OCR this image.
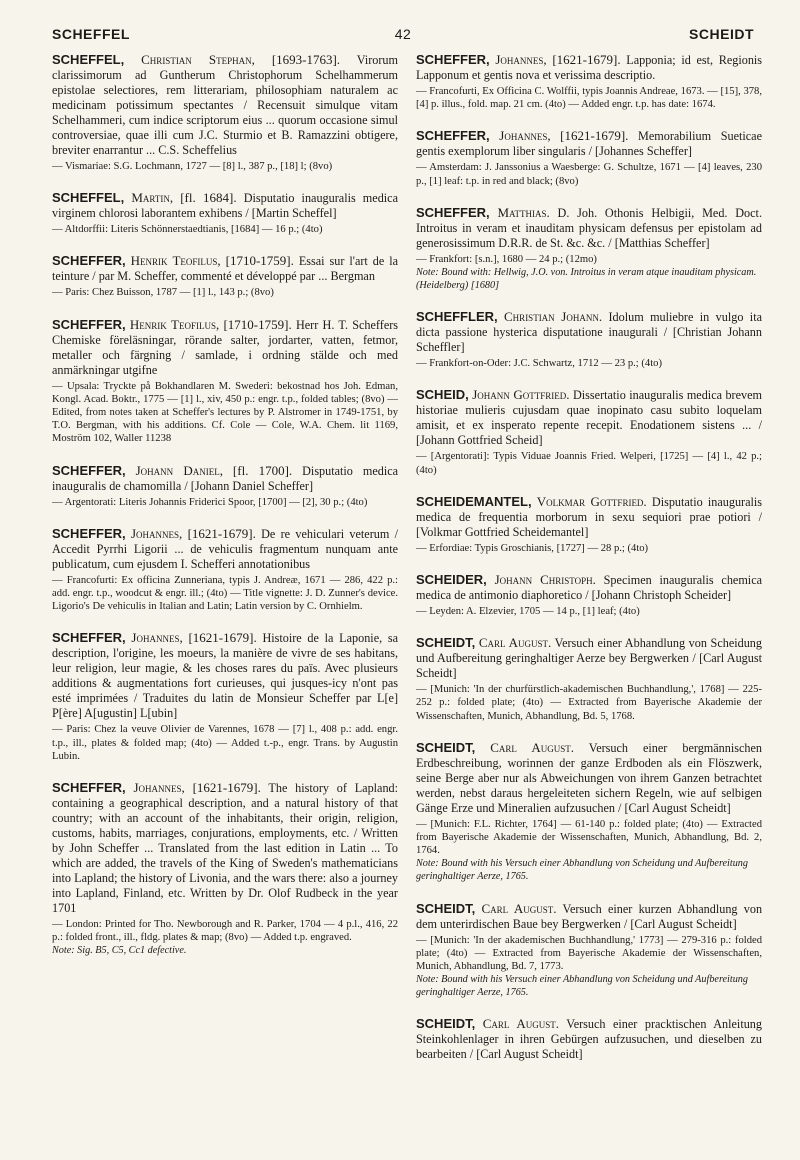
SCHEFFEL	42	SCHEIDT

SCHEFFEL, Christian Stephan, [1693-1763]. Virorum clarissimorum ad Guntherum Christophorum Schelhammerum epistolae selectiores, rem litterariam, philosophiam naturalem ac medicinam potissimum spectantes / Recensuit simulque vitam Schelhammeri, cum indice scriptorum eius ... quorum occasione simul controversiae, quae illi cum J.C. Sturmio et B. Ramazzini obtigere, breviter enarrantur ... C.S. Scheffelius

— Vismariae: S.G. Lochmann, 1727 — [8] l., 387 p., [18] l; (8vo)

SCHEFFEL, Martin, [fl. 1684]. Disputatio inauguralis medica virginem chlorosi laborantem exhibens / [Martin Scheffel]

— Altdorffii: Literis Schönnerstaedtianis, [1684] — 16 p.; (4to)

SCHEFFER, Henrik Teofilus, [1710-1759]. Essai sur l'art de la teinture / par M. Scheffer, commenté et développé par ... Bergman

— Paris: Chez Buisson, 1787 — [1] l., 143 p.; (8vo)

SCHEFFER, Henrik Teofilus, [1710-1759]. Herr H. T. Scheffers Chemiske föreläsningar, rörande salter, jordarter, vatten, fetmor, metaller och färgning / samlade, i ordning stälde och med anmärkningar utgifne

— Upsala: Tryckte på Bokhandlaren M. Swederi: bekostnad hos Joh. Edman, Kongl. Acad. Boktr., 1775 — [1] l., xiv, 450 p.: engr. t.p., folded tables; (8vo) — Edited, from notes taken at Scheffer's lectures by P. Alstromer in 1749-1751, by T.O. Bergman, with his additions. Cf. Cole — Cole, W.A. Chem. lit 1169, Moström 102, Waller 11238

SCHEFFER, Johann Daniel, [fl. 1700]. Disputatio medica inauguralis de chamomilla / [Johann Daniel Scheffer]

— Argentorati: Literis Johannis Friderici Spoor, [1700] — [2], 30 p.; (4to)

SCHEFFER, Johannes, [1621-1679]. De re vehiculari veterum / Accedit Pyrrhi Ligorii ... de vehiculis fragmentum nunquam ante publicatum, cum ejusdem I. Schefferi annotationibus

— Francofurti: Ex officina Zunneriana, typis J. Andreæ, 1671 — 286, 422 p.: add. engr. t.p., woodcut & engr. ill.; (4to) — Title vignette: J. D. Zunner's device. Ligorio's De vehiculis in Italian and Latin; Latin version by C. Ornhielm.

SCHEFFER, Johannes, [1621-1679]. Histoire de la Laponie, sa description, l'origine, les moeurs, la manière de vivre de ses habitans, leur religion, leur magie, & les choses rares du païs. Avec plusieurs additions & augmentations fort curieuses, qui jusques-icy n'ont pas esté imprimées / Traduites du latin de Monsieur Scheffer par L[e] P[ère] A[ugustin] L[ubin]

— Paris: Chez la veuve Olivier de Varennes, 1678 — [7] l., 408 p.: add. engr. t.p., ill., plates & folded map; (4to) — Added t.-p., engr. Trans. by Augustin Lubin.

SCHEFFER, Johannes, [1621-1679]. The history of Lapland: containing a geographical description, and a natural history of that country; with an account of the inhabitants, their origin, religion, customs, habits, marriages, conjurations, employments, etc. / Written by John Scheffer ... Translated from the last edition in Latin ... To which are added, the travels of the King of Sweden's mathematicians into Lapland; the history of Livonia, and the wars there: also a journey into Lapland, Finland, etc. Written by Dr. Olof Rudbeck in the year 1701

— London: Printed for Tho. Newborough and R. Parker, 1704 — 4 p.l., 416, 22 p.: folded front., ill., fldg. plates & map; (8vo) — Added t.p. engraved.

Note: Sig. B5, C5, Cc1 defective.

SCHEFFER, Johannes, [1621-1679]. Lapponia; id est, Regionis Lapponum et gentis nova et verissima descriptio.

— Francofurti, Ex Officina C. Wolffii, typis Joannis Andreae, 1673. — [15], 378, [4] p. illus., fold. map. 21 cm. (4to) — Added engr. t.p. has date: 1674.

SCHEFFER, Johannes, [1621-1679]. Memorabilium Sueticae gentis exemplorum liber singularis / [Johannes Scheffer]

— Amsterdam: J. Janssonius a Waesberge: G. Schultze, 1671 — [4] leaves, 230 p., [1] leaf: t.p. in red and black; (8vo)

SCHEFFER, Matthias. D. Joh. Othonis Helbigii, Med. Doct. Introitus in veram et inauditam physicam defensus per epistolam ad generosissimum D.R.R. de St. &c. &c. / [Matthias Scheffer]

— Frankfort: [s.n.], 1680 — 24 p.; (12mo)

Note: Bound with: Hellwig, J.O. von. Introitus in veram atque inauditam physicam. (Heidelberg) [1680]

SCHEFFLER, Christian Johann. Idolum muliebre in vulgo ita dicta passione hysterica disputatione inaugurali / [Christian Johann Scheffler]

— Frankfort-on-Oder: J.C. Schwartz, 1712 — 23 p.; (4to)

SCHEID, Johann Gottfried. Dissertatio inauguralis medica brevem historiae mulieris cujusdam quae inopinato casu subito loquelam amisit, et ex insperato repente recepit. Enodationem sistens ... / [Johann Gottfried Scheid]

— [Argentorati]: Typis Viduae Joannis Fried. Welperi, [1725] — [4] l., 42 p.; (4to)

SCHEIDEMANTEL, Volkmar Gottfried. Disputatio inauguralis medica de frequentia morborum in sexu sequiori prae potiori / [Volkmar Gottfried Scheidemantel]

— Erfordiae: Typis Groschianis, [1727] — 28 p.; (4to)

SCHEIDER, Johann Christoph. Specimen inauguralis chemica medica de antimonio diaphoretico / [Johann Christoph Scheider]

— Leyden: A. Elzevier, 1705 — 14 p., [1] leaf; (4to)

SCHEIDT, Carl August. Versuch einer Abhandlung von Scheidung und Aufbereitung geringhaltiger Aerze bey Bergwerken / [Carl August Scheidt]

— [Munich: 'In der churfürstlich-akademischen Buchhandlung,', 1768] — 225-252 p.: folded plate; (4to) — Extracted from Bayerische Akademie der Wissenschaften, Munich, Abhandlung, Bd. 5, 1768.

SCHEIDT, Carl August. Versuch einer bergmännischen Erdbeschreibung, worinnen der ganze Erdboden als ein Flöszwerk, seine Berge aber nur als Abweichungen von ihrem Ganzen betrachtet werden, nebst daraus hergeleiteten sichern Regeln, wie auf selbigen Gänge Erze und Mineralien aufzusuchen / [Carl August Scheidt]

— [Munich: F.L. Richter, 1764] — 61-140 p.: folded plate; (4to) — Extracted from Bayerische Akademie der Wissenschaften, Munich, Abhandlung, Bd. 2, 1764.

Note: Bound with his Versuch einer Abhandlung von Scheidung und Aufbereitung geringhaltiger Aerze, 1765.

SCHEIDT, Carl August. Versuch einer kurzen Abhandlung von dem unterirdischen Baue bey Bergwerken / [Carl August Scheidt]

— [Munich: 'In der akademischen Buchhandlung,' 1773] — 279-316 p.: folded plate; (4to) — Extracted from Bayerische Akademie der Wissenschaften, Munich, Abhandlung, Bd. 7, 1773.

Note: Bound with his Versuch einer Abhandlung von Scheidung und Aufbereitung geringhaltiger Aerze, 1765.

SCHEIDT, Carl August. Versuch einer pracktischen Anleitung Steinkohlenlager in ihren Gebürgen aufzusuchen, und dieselben zu bearbeiten / [Carl August Scheidt]
